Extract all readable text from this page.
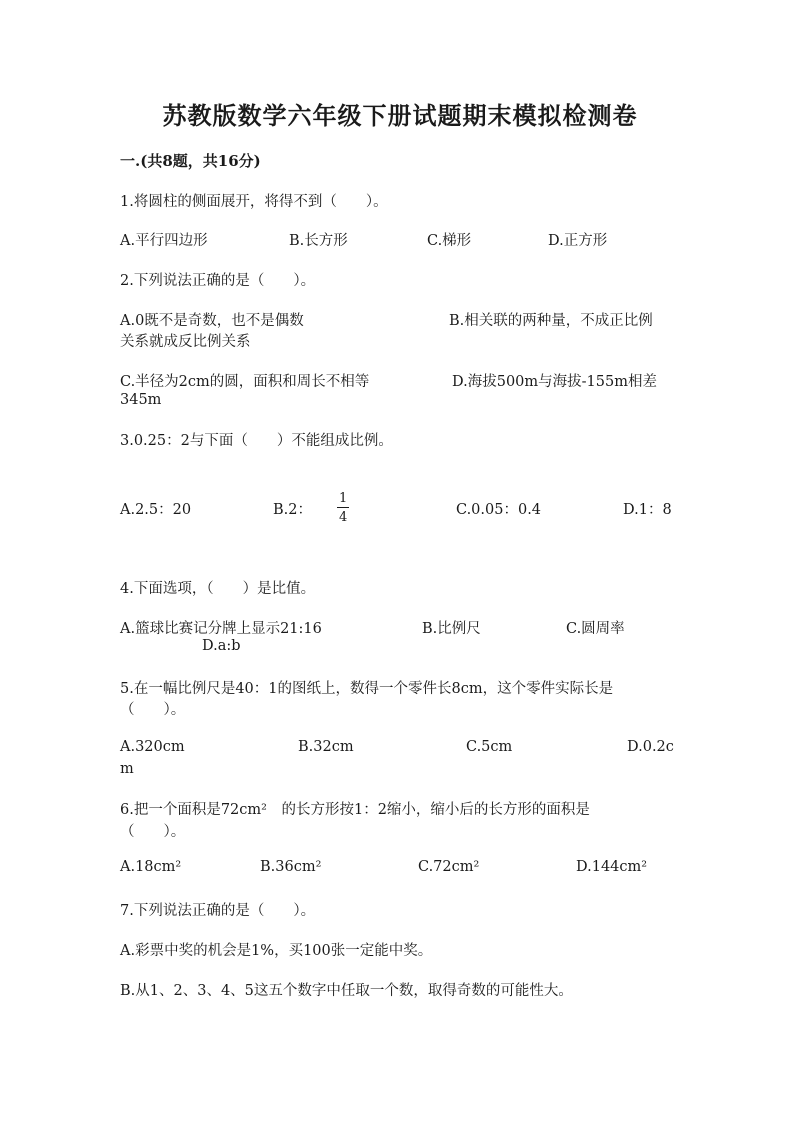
苏教版数学六年级下册试题期末模拟检测卷
一.(共8题，共16分)
1.将圆柱的侧面展开，将得不到（　　）。
A.平行四边形	B.长方形	C.梯形	D.正方形
2.下列说法正确的是（　　）。
A.0既不是奇数，也不是偶数	B.相关联的两种量，不成正比例
关系就成反比例关系
C.半径为2cm的圆，面积和周长不相等	D.海拔500m与海拔-155m相差
345m
3.0.25：2与下面（　　）不能组成比例。
A.2.5：20	B.2：
1
4	C.0.05：0.4	D.1：8
4.下面选项，（　　）是比值。
A.篮球比赛记分牌上显示21:16	B.比例尺	C.圆周率
D.a:b
5.在一幅比例尺是40：1的图纸上，数得一个零件长8cm，这个零件实际长是
（　　）。
A.320cm	B.32cm	C.5cm	D.0.2c
m
6.把一个面积是72cm²　的长方形按1：2缩小，缩小后的长方形的面积是
（　　）。
A.18cm²	B.36cm²	C.72cm²	D.144cm²
7.下列说法正确的是（　　）。
A.彩票中奖的机会是1%，买100张一定能中奖。
B.从1、2、3、4、5这五个数字中任取一个数，取得奇数的可能性大。
